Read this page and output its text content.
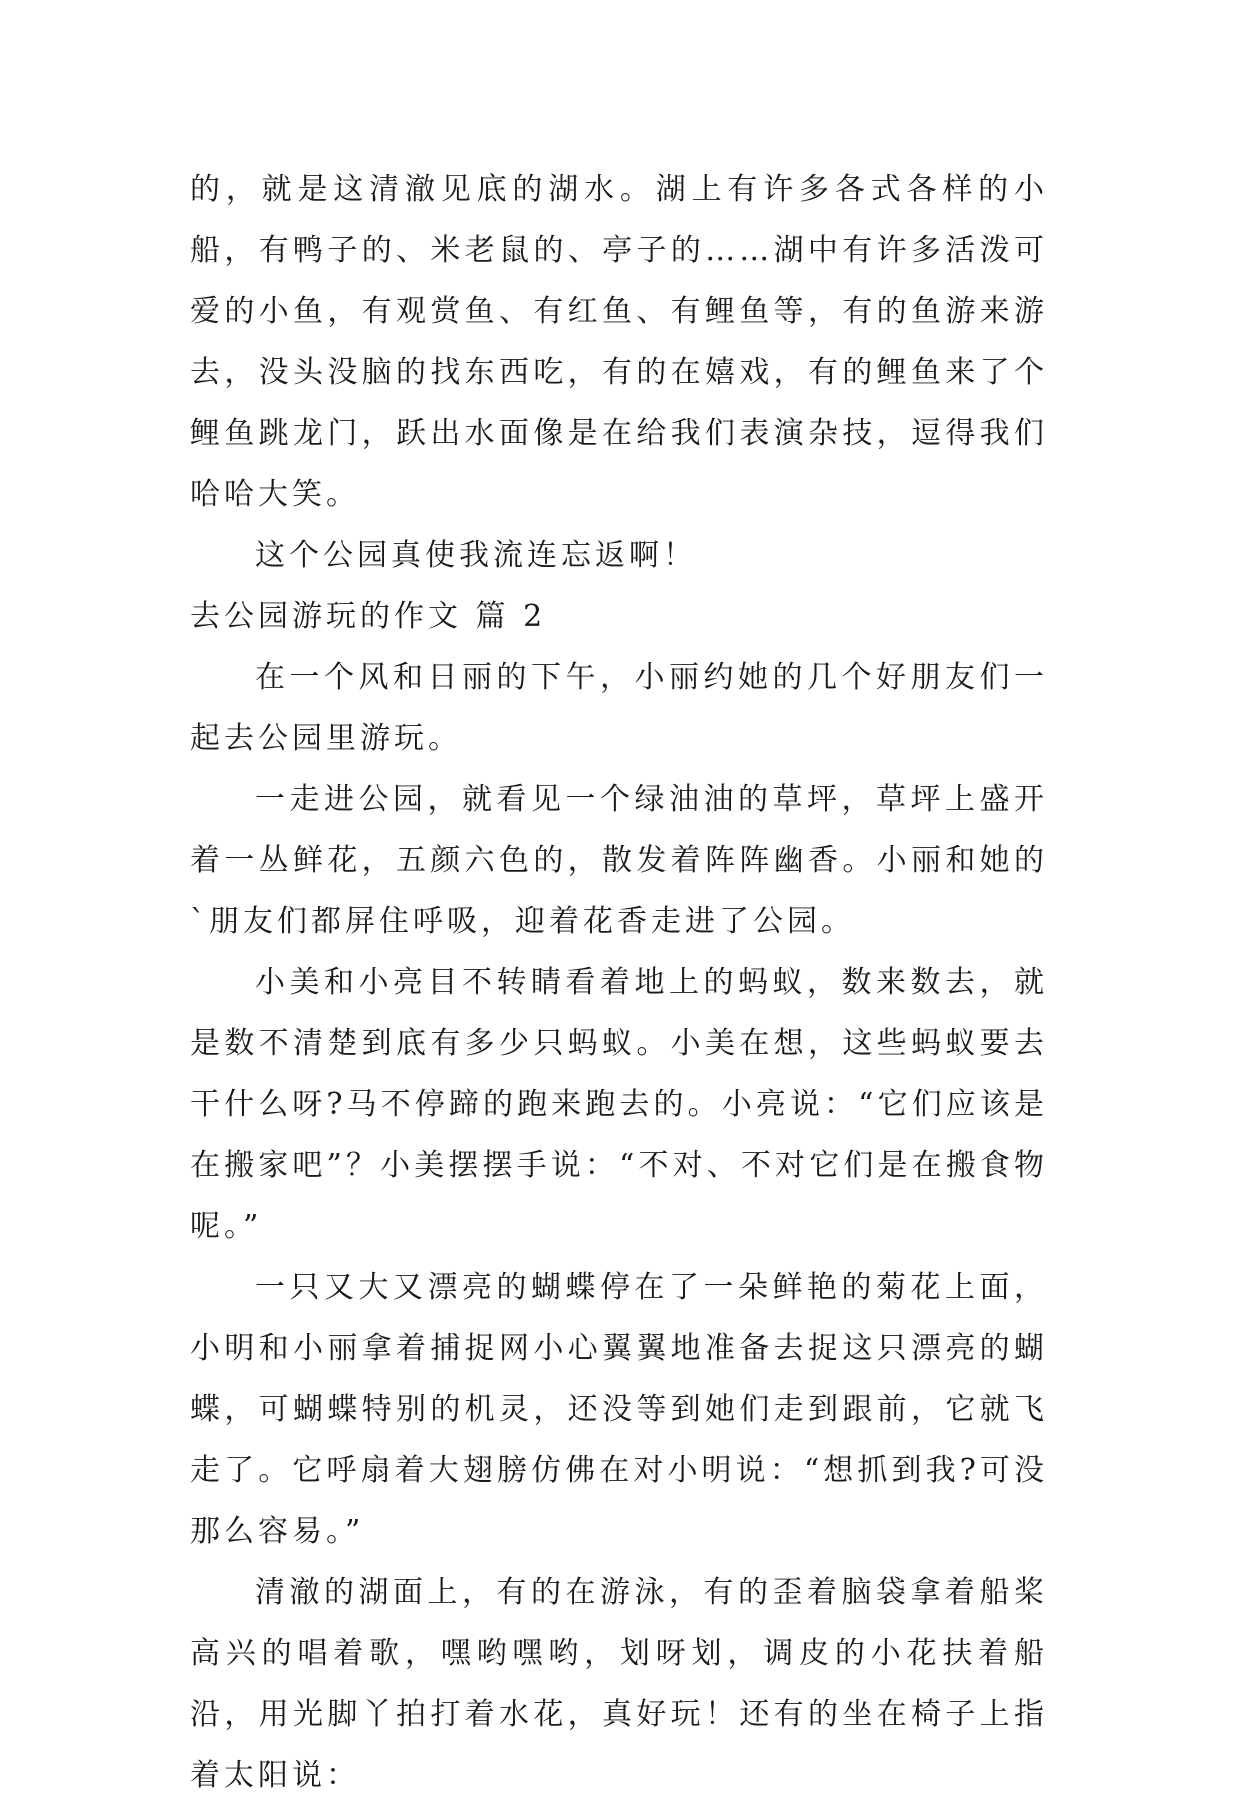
的，就是这清澈见底的湖水。湖上有许多各式各样的小船，有鸭子的、米老鼠的、亭子的……湖中有许多活泼可爱的小鱼，有观赏鱼、有红鱼、有鲤鱼等，有的鱼游来游去，没头没脑的找东西吃，有的在嬉戏，有的鲤鱼来了个鲤鱼跳龙门，跃出水面像是在给我们表演杂技，逗得我们哈哈大笑。

这个公园真使我流连忘返啊！

去公园游玩的作文 篇 2

在一个风和日丽的下午，小丽约她的几个好朋友们一起去公园里游玩。

一走进公园，就看见一个绿油油的草坪，草坪上盛开着一丛鲜花，五颜六色的，散发着阵阵幽香。小丽和她的`朋友们都屏住呼吸，迎着花香走进了公园。

小美和小亮目不转睛看着地上的蚂蚁，数来数去，就是数不清楚到底有多少只蚂蚁。小美在想，这些蚂蚁要去干什么呀?马不停蹄的跑来跑去的。小亮说：“它们应该是在搬家吧”？小美摆摆手说：“不对、不对它们是在搬食物呢。”

一只又大又漂亮的蝴蝶停在了一朵鲜艳的菊花上面，小明和小丽拿着捕捉网小心翼翼地准备去捉这只漂亮的蝴蝶，可蝴蝶特别的机灵，还没等到她们走到跟前，它就飞走了。它呼扇着大翅膀仿佛在对小明说：“想抓到我?可没那么容易。”

清澈的湖面上，有的在游泳，有的歪着脑袋拿着船桨高兴的唱着歌，嘿哟嘿哟，划呀划，调皮的小花扶着船沿，用光脚丫拍打着水花，真好玩！还有的坐在椅子上指着太阳说：
